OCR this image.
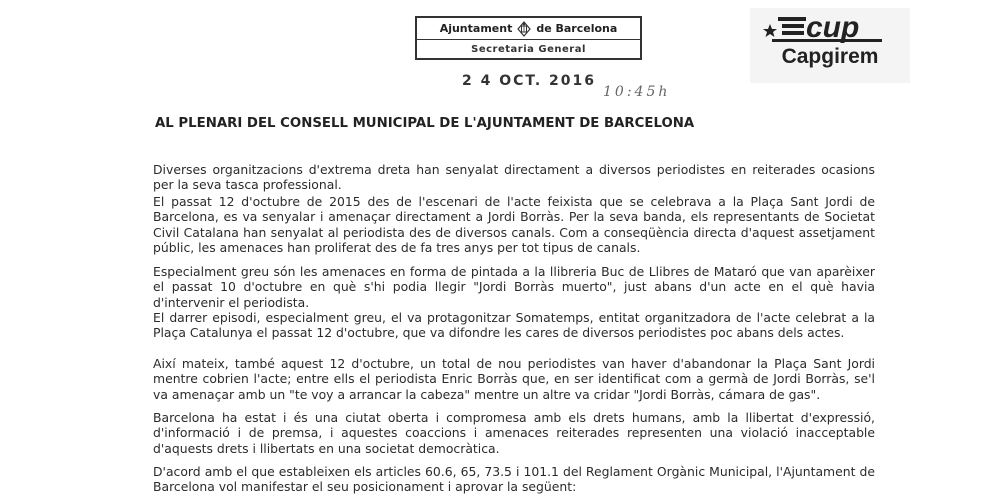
Ajuntament de Barcelona
Secretaria General
2 4 OCT. 2016
10:45h
cup
Capgirem
AL PLENARI DEL CONSELL MUNICIPAL DE L'AJUNTAMENT DE BARCELONA

Diverses organitzacions d'extrema dreta han senyalat directament a diversos periodistes en reiterades ocasions per la seva tasca professional.

El passat 12 d'octubre de 2015 des de l'escenari de l'acte feixista que se celebrava a la Plaça Sant Jordi de Barcelona, es va senyalar i amenaçar directament a Jordi Borràs. Per la seva banda, els representants de Societat Civil Catalana han senyalat al periodista des de diversos canals. Com a conseqüència directa d'aquest assetjament públic, les amenaces han proliferat des de fa tres anys per tot tipus de canals.

Especialment greu són les amenaces en forma de pintada a la llibreria Buc de Llibres de Mataró que van aparèixer el passat 10 d'octubre en què s'hi podia llegir "Jordi Borràs muerto", just abans d'un acte en el què havia d'intervenir el periodista.

El darrer episodi, especialment greu, el va protagonitzar Somatemps, entitat organitzadora de l'acte celebrat a la Plaça Catalunya el passat 12 d'octubre, que va difondre les cares de diversos periodistes poc abans dels actes.

Així mateix, també aquest 12 d'octubre, un total de nou periodistes van haver d'abandonar la Plaça Sant Jordi mentre cobrien l'acte; entre ells el periodista Enric Borràs que, en ser identificat com a germà de Jordi Borràs, se'l va amenaçar amb un "te voy a arrancar la cabeza" mentre un altre va cridar "Jordi Borràs, cámara de gas".

Barcelona ha estat i és una ciutat oberta i compromesa amb els drets humans, amb la llibertat d'expressió, d'informació i de premsa, i aquestes coaccions i amenaces reiterades representen una violació inacceptable d'aquests drets i llibertats en una societat democràtica.

D'acord amb el que estableixen els articles 60.6, 65, 73.5 i 101.1 del Reglament Orgànic Municipal, l'Ajuntament de Barcelona vol manifestar el seu posicionament i aprovar la següent:
